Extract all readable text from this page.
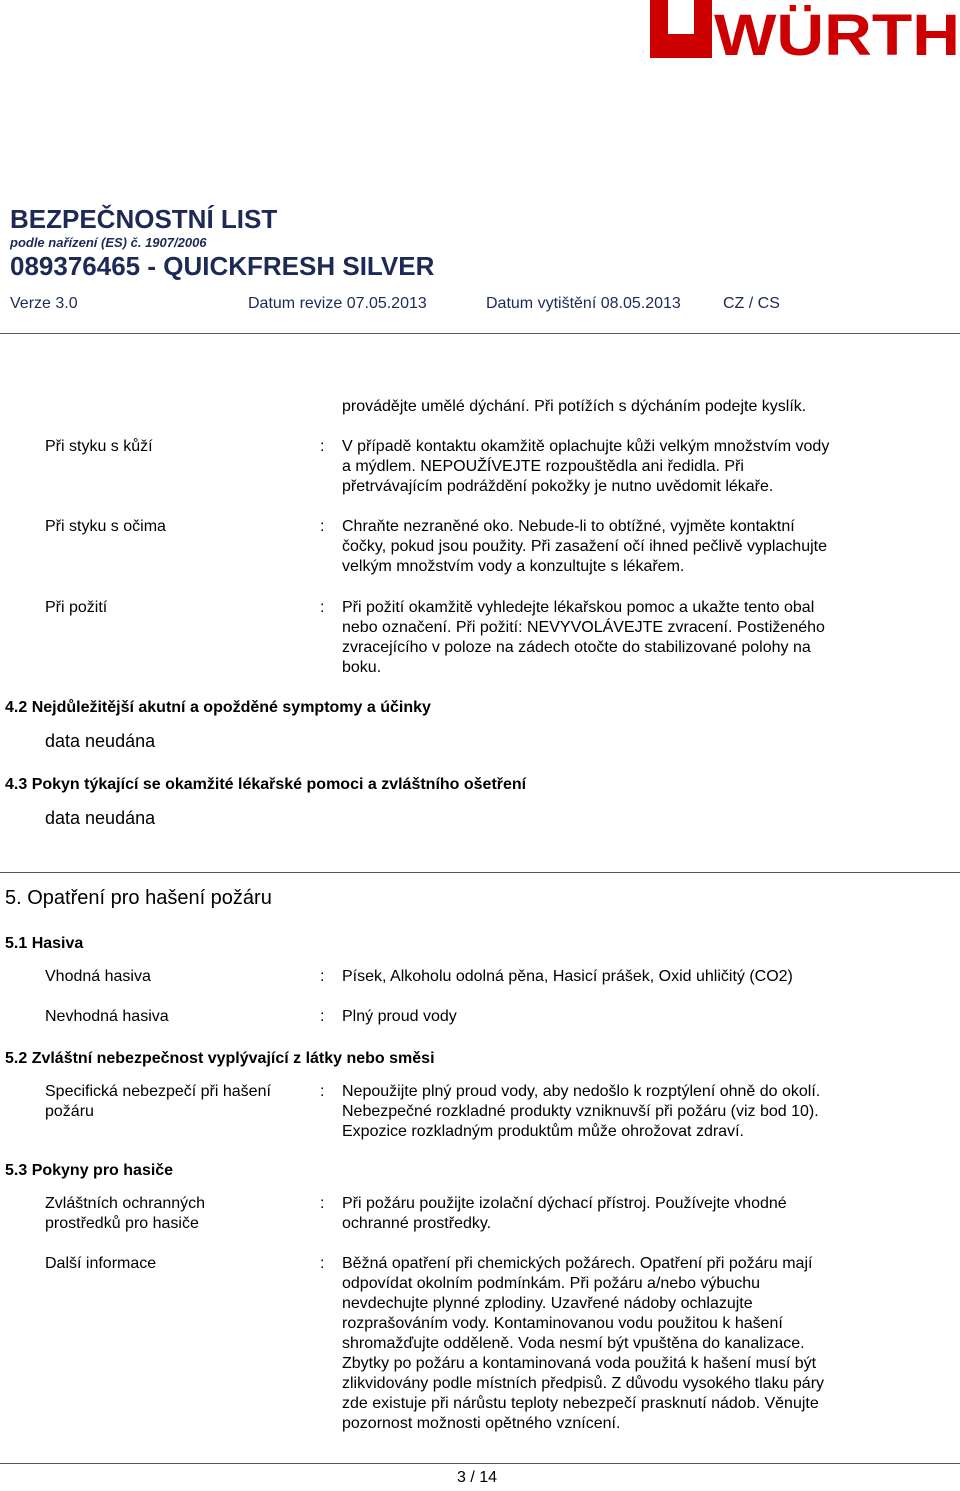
WÜRTH
BEZPEČNOSTNÍ LIST
podle nařízení (ES) č. 1907/2006
089376465 - QUICKFRESH SILVER
Verze 3.0	Datum revize 07.05.2013	Datum vytištění 08.05.2013	CZ / CS
provádějte umělé dýchání. Při potížích s dýcháním podejte kyslík.
Při styku s kůží	: V případě kontaktu okamžitě oplachujte kůži velkým množstvím vody
a mýdlem. NEPOUŽÍVEJTE rozpouštědla ani ředidla. Při
přetrvávajícím podráždění pokožky je nutno uvědomit lékaře.
Při styku s očima	: Chraňte nezraněné oko. Nebude-li to obtížné, vyjměte kontaktní
čočky, pokud jsou použity. Při zasažení očí ihned pečlivě vyplachujte
velkým množstvím vody a konzultujte s lékařem.
Při požití	: Při požití okamžitě vyhledejte lékařskou pomoc a ukažte tento obal
nebo označení. Při požití: NEVYVOLÁVEJTE zvracení. Postiženého
zvracejícího v poloze na zádech otočte do stabilizované polohy na
boku.
4.2 Nejdůležitější akutní a opožděné symptomy a účinky
data neudána
4.3 Pokyn týkající se okamžité lékařské pomoci a zvláštního ošetření
data neudána
5. Opatření pro hašení požáru
5.1 Hasiva
Vhodná hasiva	: Písek, Alkoholu odolná pěna, Hasicí prášek, Oxid uhličitý (CO2)
Nevhodná hasiva	: Plný proud vody
5.2 Zvláštní nebezpečnost vyplývající z látky nebo směsi
Specifická nebezpečí při hašení
požáru
: Nepoužijte plný proud vody, aby nedošlo k rozptýlení ohně do okolí.
Nebezpečné rozkladné produkty vzniknuvší při požáru (viz bod 10).
Expozice rozkladným produktům může ohrožovat zdraví.
5.3 Pokyny pro hasiče
Zvláštních ochranných
prostředků pro hasiče
: Při požáru použijte izolační dýchací přístroj. Používejte vhodné
ochranné prostředky.
Další informace	: Běžná opatření při chemických požárech. Opatření při požáru mají
odpovídat okolním podmínkám. Při požáru a/nebo výbuchu
nevdechujte plynné zplodiny. Uzavřené nádoby ochlazujte
rozprašováním vody. Kontaminovanou vodu použitou k hašení
shromažďujte odděleně. Voda nesmí být vpuštěna do kanalizace.
Zbytky po požáru a kontaminovaná voda použitá k hašení musí být
zlikvidovány podle místních předpisů. Z důvodu vysokého tlaku páry
zde existuje při nárůstu teploty nebezpečí prasknutí nádob. Věnujte
pozornost možnosti opětného vznícení.
3 / 14
